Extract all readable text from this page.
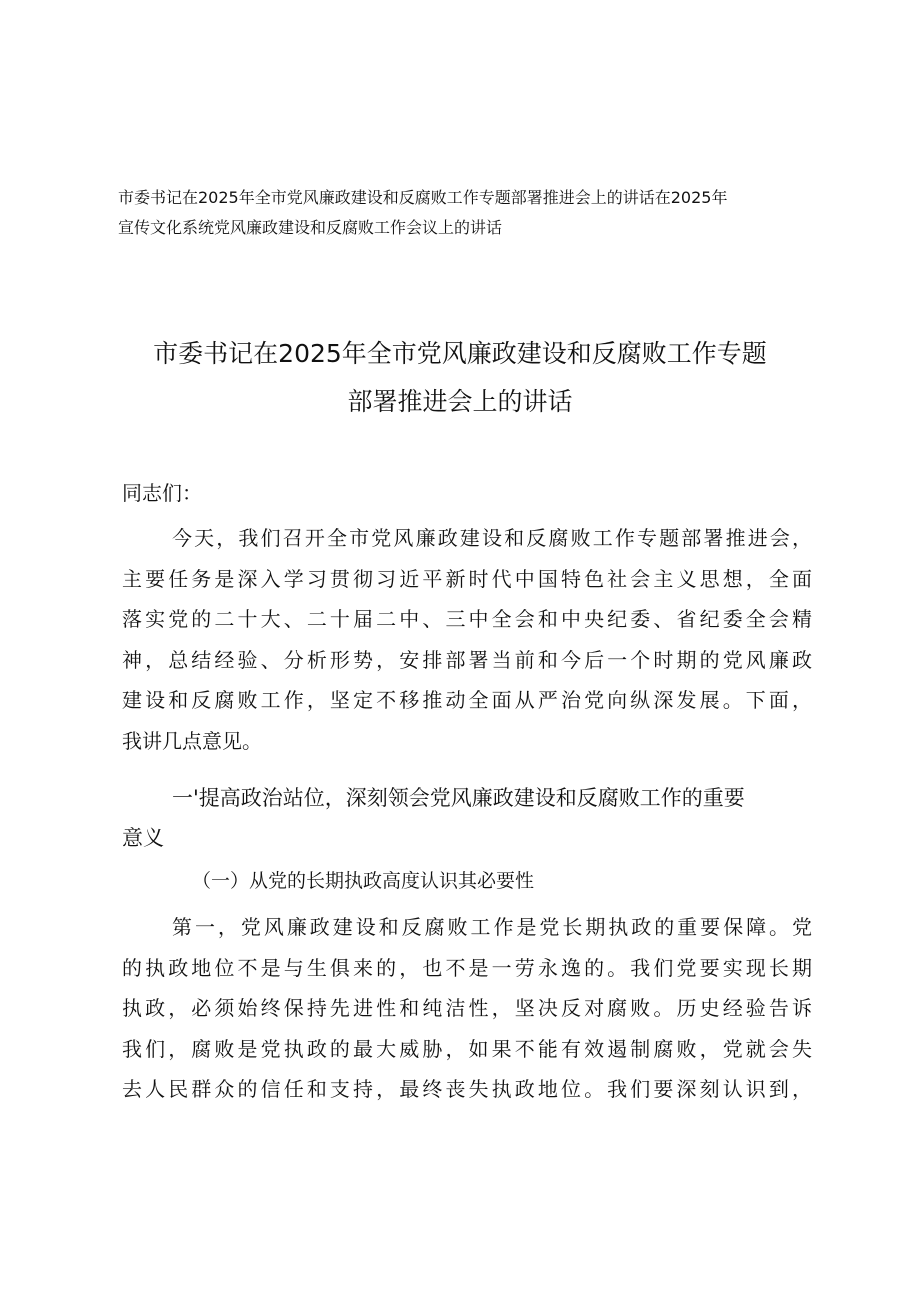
市委书记在2025年全市党风廉政建设和反腐败工作专题部署推进会上的讲话在2025年
宣传文化系统党风廉政建设和反腐败工作会议上的讲话
市委书记在2025年全市党风廉政建设和反腐败工作专题
部署推进会上的讲话
同志们：
今天，我们召开全市党风廉政建设和反腐败工作专题部署推进会，
主要任务是深入学习贯彻习近平新时代中国特色社会主义思想，全面
落实党的二十大、二十届二中、三中全会和中央纪委、省纪委全会精
神，总结经验、分析形势，安排部署当前和今后一个时期的党风廉政
建设和反腐败工作，坚定不移推动全面从严治党向纵深发展。下面，
我讲几点意见。
一'提高政治站位，深刻领会党风廉政建设和反腐败工作的重要
意义
（一）从党的长期执政高度认识其必要性
第一，党风廉政建设和反腐败工作是党长期执政的重要保障。党
的执政地位不是与生俱来的，也不是一劳永逸的。我们党要实现长期
执政，必须始终保持先进性和纯洁性，坚决反对腐败。历史经验告诉
我们，腐败是党执政的最大威胁，如果不能有效遏制腐败，党就会失
去人民群众的信任和支持，最终丧失执政地位。我们要深刻认识到，
